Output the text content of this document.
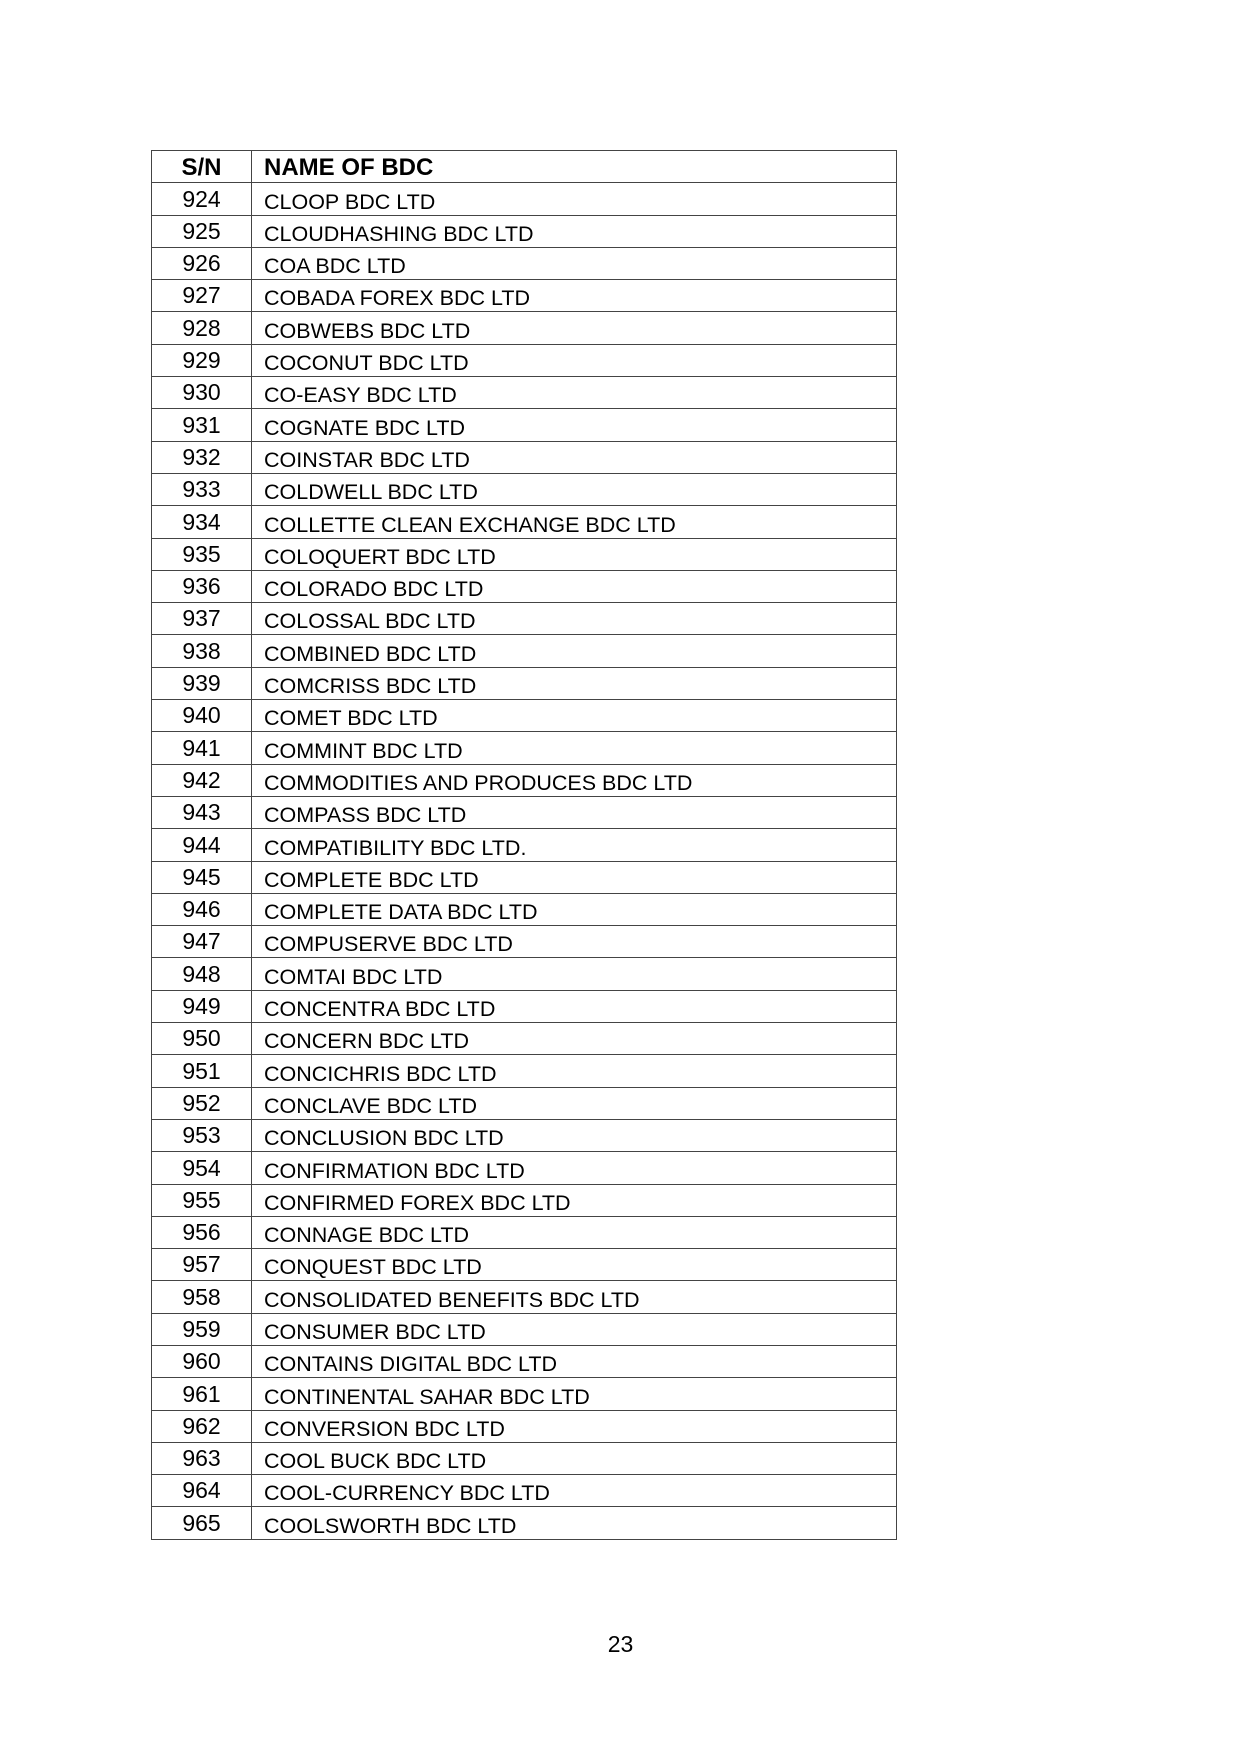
S/N	NAME OF BDC
924	CLOOP BDC LTD
925	CLOUDHASHING BDC LTD
926	COA BDC LTD
927	COBADA FOREX BDC LTD
928	COBWEBS BDC LTD
929	COCONUT BDC LTD
930	CO-EASY BDC LTD
931	COGNATE BDC LTD
932	COINSTAR BDC LTD
933	COLDWELL BDC LTD
934	COLLETTE CLEAN EXCHANGE BDC LTD
935	COLOQUERT BDC LTD
936	COLORADO BDC LTD
937	COLOSSAL BDC LTD
938	COMBINED BDC LTD
939	COMCRISS BDC LTD
940	COMET BDC LTD
941	COMMINT BDC LTD
942	COMMODITIES AND PRODUCES BDC LTD
943	COMPASS BDC LTD
944	COMPATIBILITY BDC LTD.
945	COMPLETE BDC LTD
946	COMPLETE DATA BDC LTD
947	COMPUSERVE BDC LTD
948	COMTAI BDC LTD
949	CONCENTRA BDC LTD
950	CONCERN BDC LTD
951	CONCICHRIS BDC LTD
952	CONCLAVE BDC LTD
953	CONCLUSION BDC LTD
954	CONFIRMATION BDC LTD
955	CONFIRMED FOREX BDC LTD
956	CONNAGE BDC LTD
957	CONQUEST BDC LTD
958	CONSOLIDATED BENEFITS BDC LTD
959	CONSUMER BDC LTD
960	CONTAINS DIGITAL BDC LTD
961	CONTINENTAL SAHAR BDC LTD
962	CONVERSION BDC LTD
963	COOL BUCK BDC LTD
964	COOL-CURRENCY BDC LTD
965	COOLSWORTH BDC LTD
23
